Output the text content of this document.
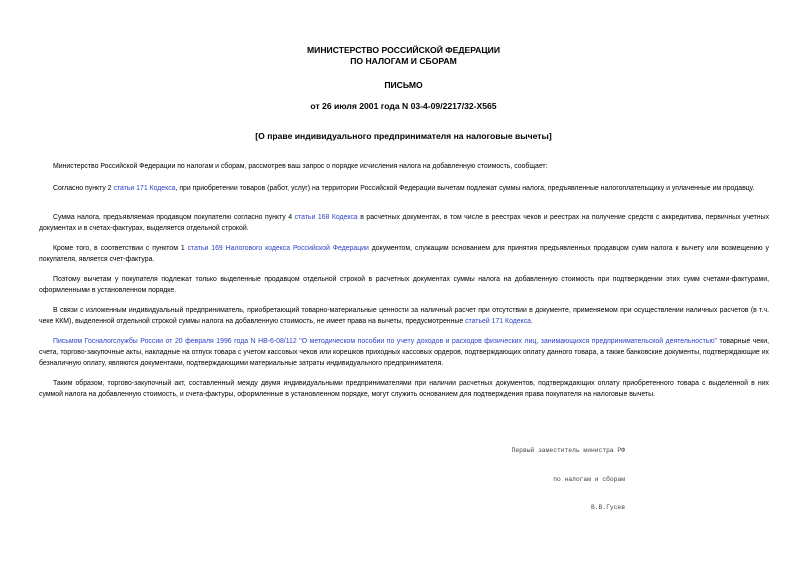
МИНИСТЕРСТВО РОССИЙСКОЙ ФЕДЕРАЦИИ
ПО НАЛОГАМ И СБОРАМ
ПИСЬМО
от 26 июля 2001 года N 03-4-09/2217/32-Х565
[О праве индивидуального предпринимателя на налоговые вычеты]
Министерство Российской Федерации по налогам и сборам, рассмотрев ваш запрос о порядке исчисления налога на добавленную стоимость, сообщает:
Согласно пункту 2 статьи 171 Кодекса, при приобретении товаров (работ, услуг) на территории Российской Федерации вычетам подлежат суммы налога, предъявленные налогоплательщику и уплаченные им продавцу.
Сумма налога, предъявляемая продавцом покупателю согласно пункту 4 статьи 168 Кодекса в расчетных документах, в том числе в реестрах чеков и реестрах на получение средств с аккредитива, первичных учетных документах и в счетах-фактурах, выделяется отдельной строкой.
Кроме того, в соответствии с пунктом 1 статьи 169 Налогового кодекса Российской Федерации документом, служащим основанием для принятия предъявленных продавцом сумм налога к вычету или возмещению у покупателя, является счет-фактура.
Поэтому вычетам у покупателя подлежат только выделенные продавцом отдельной строкой в расчетных документах суммы налога на добавленную стоимость при подтверждении этих сумм счетами-фактурами, оформленными в установленном порядке.
В связи с изложенным индивидуальный предприниматель, приобретающий товарно-материальные ценности за наличный расчет при отсутствии в документе, применяемом при осуществлении наличных расчетов (в т.ч. чеке ККМ), выделенной отдельной строкой суммы налога на добавленную стоимость, не имеет права на вычеты, предусмотренные статьей 171 Кодекса.
Письмом Госналогслужбы России от 20 февраля 1996 года N НВ-6-08/112 "О методическом пособии по учету доходов и расходов физических лиц, занимающихся предпринимательской деятельностью" товарные чеки, счета, торгово-закупочные акты, накладные на отпуск товара с учетом кассовых чеков или корешков приходных кассовых ордеров, подтверждающих оплату данного товара, а также банковские документы, подтверждающие их безналичную оплату, являются документами, подтверждающими материальные затраты индивидуального предпринимателя.
Таким образом, торгово-закупочный акт, составленный между двумя индивидуальными предпринимателями при наличии расчетных документов, подтверждающих оплату приобретенного товара с выделенной в них суммой налога на добавленную стоимость, и счета-фактуры, оформленные в установленном порядке, могут служить основанием для подтверждения права покупателя на налоговые вычеты.

Первый заместитель министра РФ

по налогам и сборам

В.В.Гусев
